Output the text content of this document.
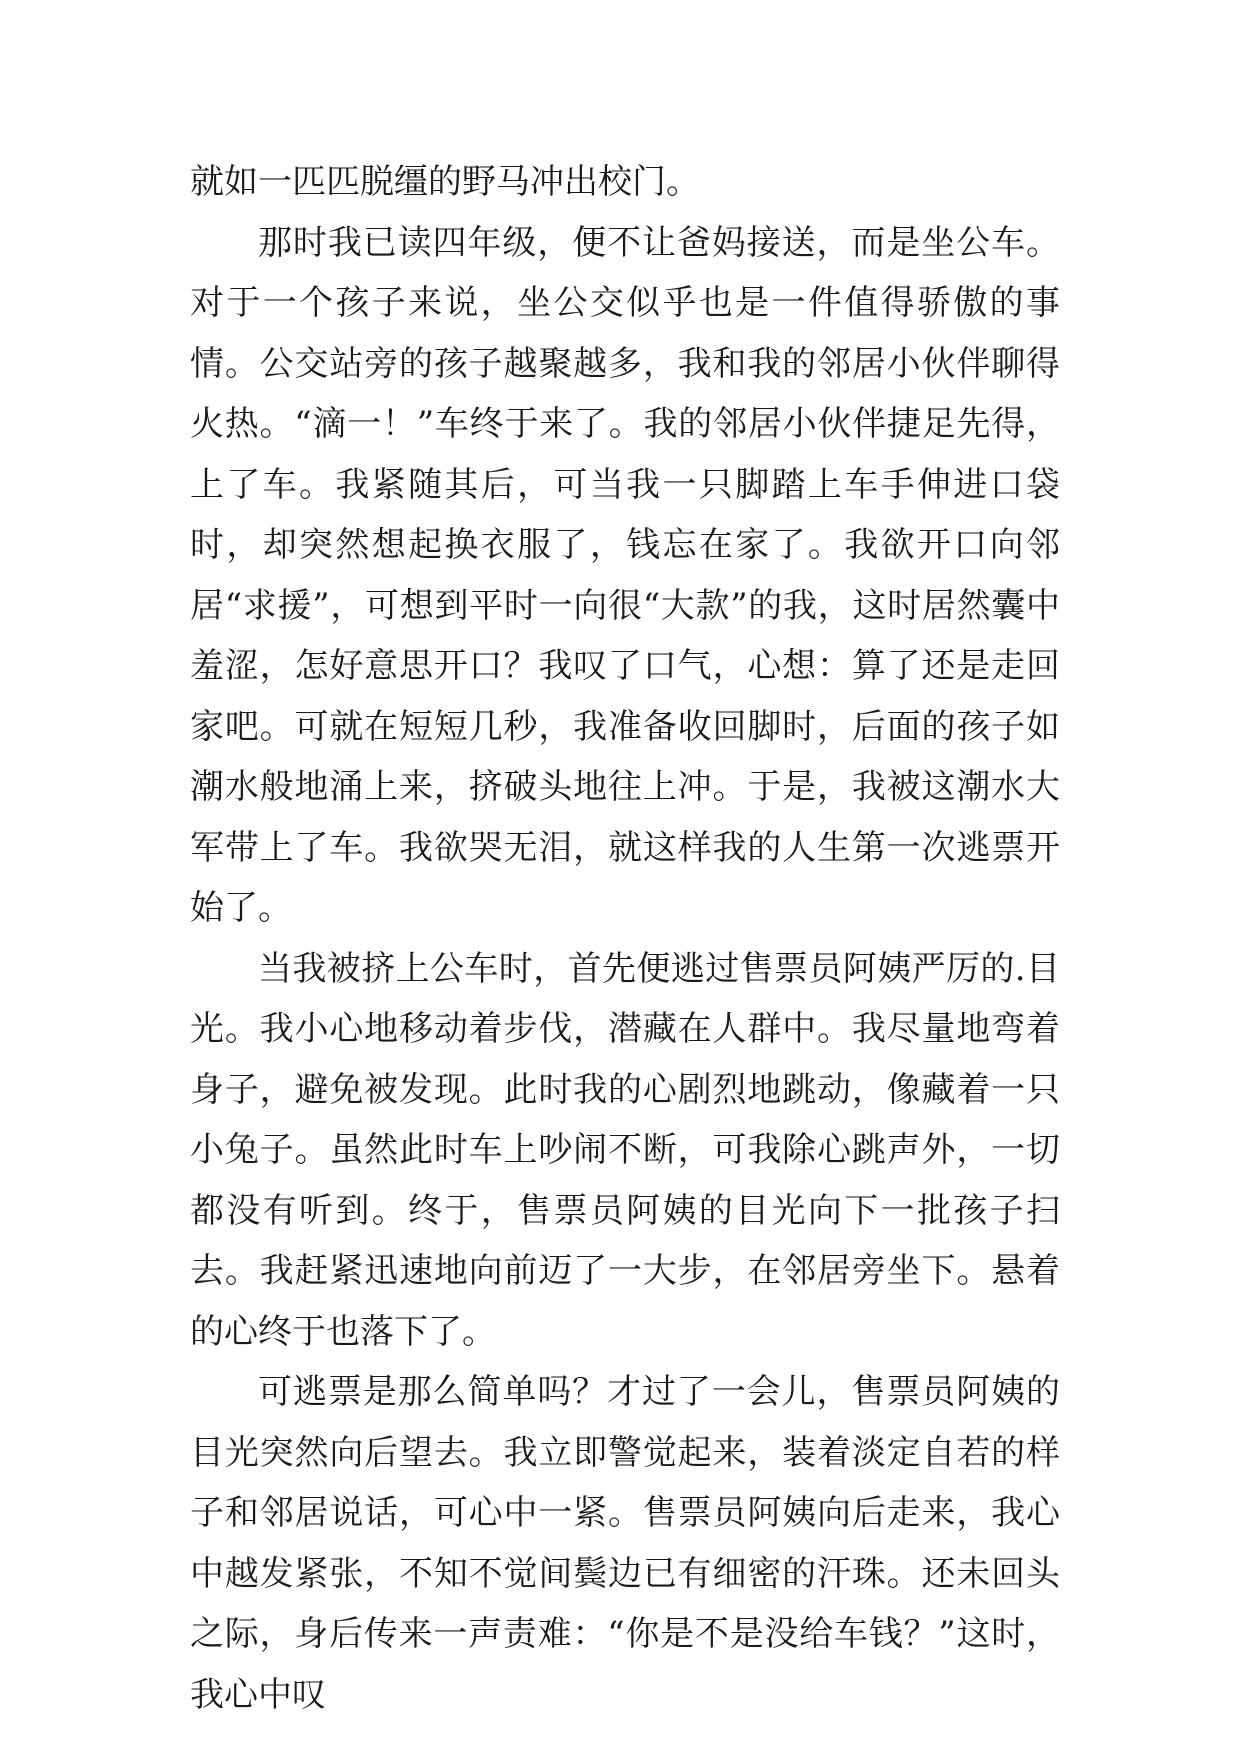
就如一匹匹脱缰的野马冲出校门。

那时我已读四年级，便不让爸妈接送，而是坐公车。对于一个孩子来说，坐公交似乎也是一件值得骄傲的事情。公交站旁的孩子越聚越多，我和我的邻居小伙伴聊得火热。“滴一！”车终于来了。我的邻居小伙伴捷足先得，上了车。我紧随其后，可当我一只脚踏上车手伸进口袋时，却突然想起换衣服了，钱忘在家了。我欲开口向邻居“求援”，可想到平时一向很“大款”的我，这时居然囊中羞涩，怎好意思开口？我叹了口气，心想：算了还是走回家吧。可就在短短几秒，我准备收回脚时，后面的孩子如潮水般地涌上来，挤破头地往上冲。于是，我被这潮水大军带上了车。我欲哭无泪，就这样我的人生第一次逃票开始了。

当我被挤上公车时，首先便逃过售票员阿姨严厉的.目光。我小心地移动着步伐，潜藏在人群中。我尽量地弯着身子，避免被发现。此时我的心剧烈地跳动，像藏着一只小兔子。虽然此时车上吵闹不断，可我除心跳声外，一切都没有听到。终于，售票员阿姨的目光向下一批孩子扫去。我赶紧迅速地向前迈了一大步，在邻居旁坐下。悬着的心终于也落下了。

可逃票是那么简单吗？才过了一会儿，售票员阿姨的目光突然向后望去。我立即警觉起来，装着淡定自若的样子和邻居说话，可心中一紧。售票员阿姨向后走来，我心中越发紧张，不知不觉间鬓边已有细密的汗珠。还未回头之际，身后传来一声责难：“你是不是没给车钱？”这时，我心中叹
